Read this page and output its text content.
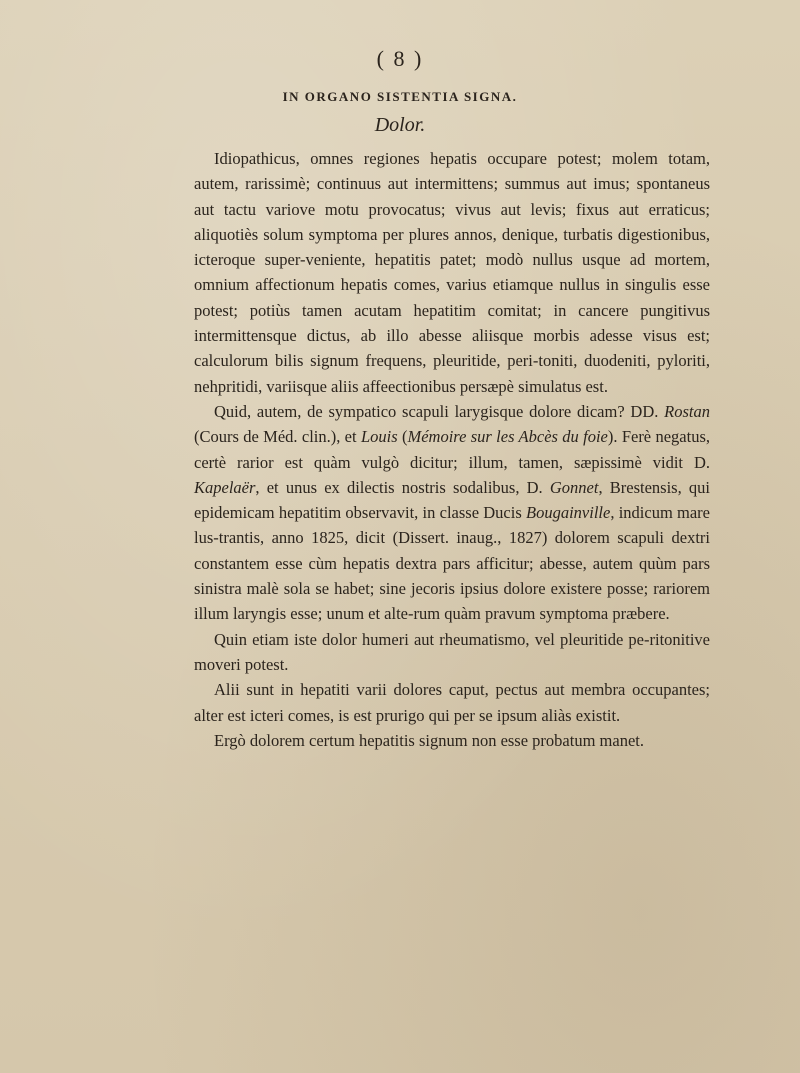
( 8 )
IN ORGANO SISTENTIA SIGNA.
Dolor.

Idiopathicus, omnes regiones hepatis occupare potest; molem totam, autem, rarissimè; continuus aut intermittens; summus aut imus; spontaneus aut tactu variove motu provocatus; vivus aut levis; fixus aut erraticus; aliquotiès solum symptoma per plures annos, denique, turbatis digestionibus, icteroque super-veniente, hepatitis patet; modò nullus usque ad mortem, omnium affectionum hepatis comes, varius etiamque nullus in singulis esse potest; potiùs tamen acutam hepatitim comitat; in cancere pungitivus intermittensque dictus, ab illo abesse aliisque morbis adesse visus est; calculorum bilis signum frequens, pleuritide, peri-toniti, duodeniti, pyloriti, nehpritidi, variisque aliis affeectionibus persæpè simulatus est.

Quid, autem, de sympatico scapuli larygisque dolore dicam? DD. Rostan (Cours de Méd. clin.), et Louis (Mémoire sur les Abcès du foie). Ferè negatus, certè rarior est quàm vulgò dicitur; illum, tamen, sæpissimè vidit D. Kapelaër, et unus ex dilectis nostris sodalibus, D. Gonnet, Brestensis, qui epidemicam hepatitim observavit, in classe Ducis Bougainville, indicum mare lus-trantis, anno 1825, dicit (Dissert. inaug., 1827) dolorem scapuli dextri constantem esse cùm hepatis dextra pars afficitur; abesse, autem quùm pars sinistra malè sola se habet; sine jecoris ipsius dolore existere posse; rariorem illum laryngis esse; unum et alte-rum quàm pravum symptoma præbere.

Quin etiam iste dolor humeri aut rheumatismo, vel pleuritide pe-ritonitive moveri potest.

Alii sunt in hepatiti varii dolores caput, pectus aut membra occupantes; alter est icteri comes, is est prurigo qui per se ipsum aliàs existit.

Ergò dolorem certum hepatitis signum non esse probatum manet.
